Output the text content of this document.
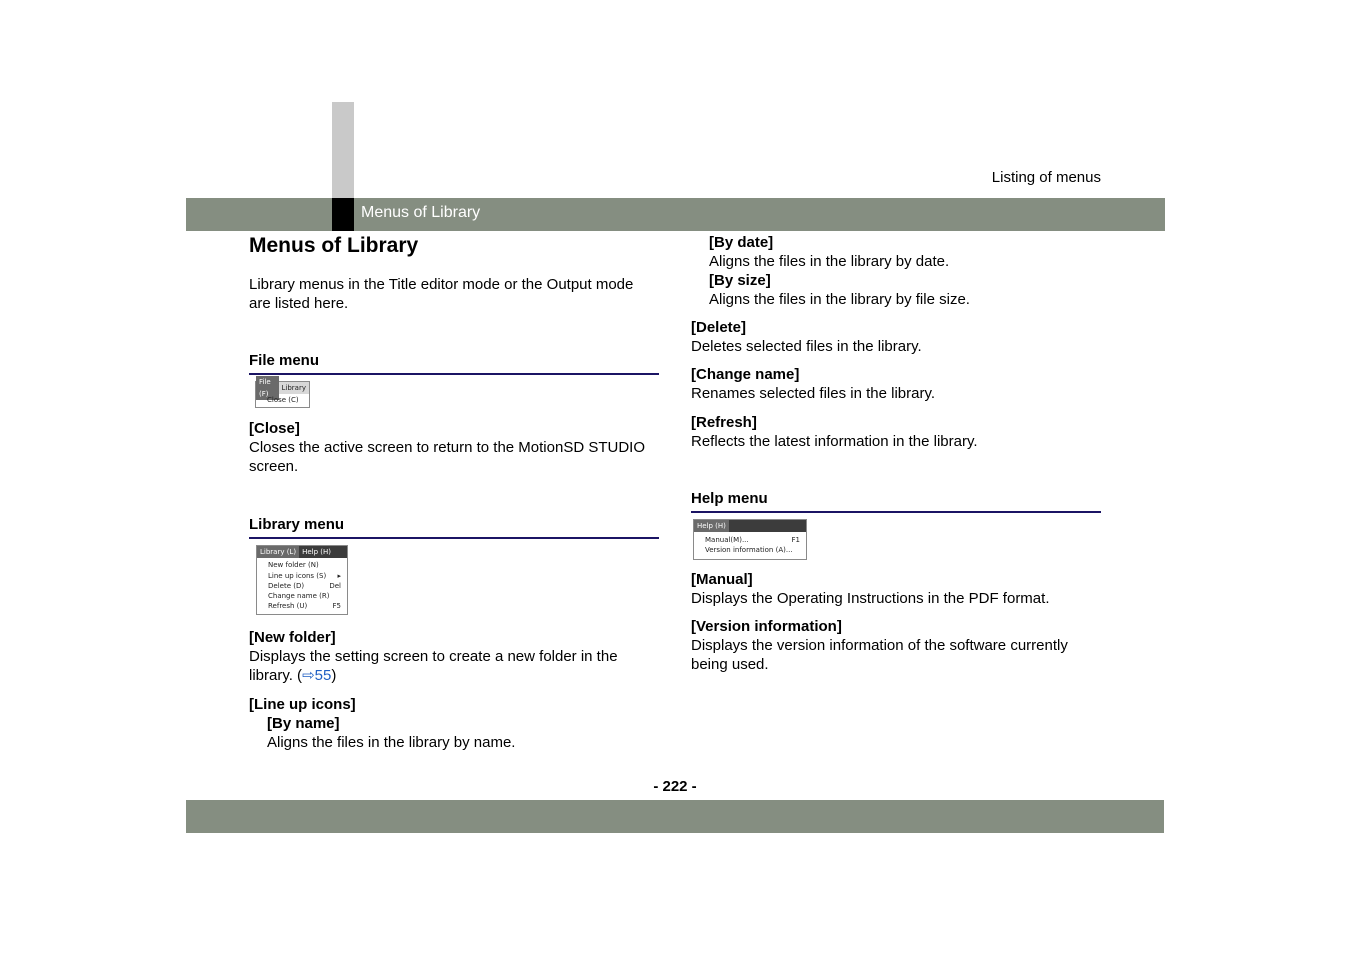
Listing of menus
Menus of Library
Menus of Library

Library menus in the Title editor mode or the Output mode are listed here.

File menu
File (F)
Library
Close (C)
[Close]
Closes the active screen to return to the MotionSD STUDIO screen.
Library menu
Library (L) Help (H)
New folder (N)
Line up icons (S) ▸
Delete (D)	Del
Change name (R)
Refresh (U)	F5
[New folder]
Displays the setting screen to create a new folder in the library. (⇨55)
[Line up icons]
[By name]
Aligns the files in the library by name.
[By date]
Aligns the files in the library by date.
[By size]
Aligns the files in the library by file size.
[Delete]
Deletes selected files in the library.
[Change name]
Renames selected files in the library.
[Refresh]
Reflects the latest information in the library.
Help menu
Help (H)
Manual(M)...	F1
Version information (A)...
[Manual]
Displays the Operating Instructions in the PDF format.
[Version information]
Displays the version information of the software currently being used.
- 222 -
